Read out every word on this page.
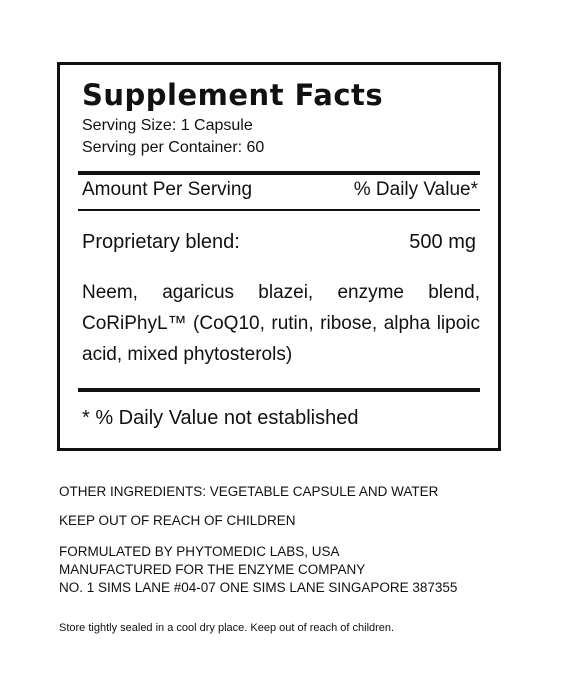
Supplement Facts
Serving Size: 1 Capsule
Serving per Container: 60
Amount Per Serving	% Daily Value*
Proprietary blend:	500 mg
Neem, agaricus blazei, enzyme blend, CoRiPhyL™ (CoQ10, rutin, ribose, alpha lipoic acid, mixed phytosterols)
* % Daily Value not established
OTHER INGREDIENTS: VEGETABLE CAPSULE AND WATER
KEEP OUT OF REACH OF CHILDREN
FORMULATED BY PHYTOMEDIC LABS, USA
MANUFACTURED FOR THE ENZYME COMPANY
NO. 1 SIMS LANE #04-07 ONE SIMS LANE SINGAPORE 387355
Store tightly sealed in a cool dry place. Keep out of reach of children.
